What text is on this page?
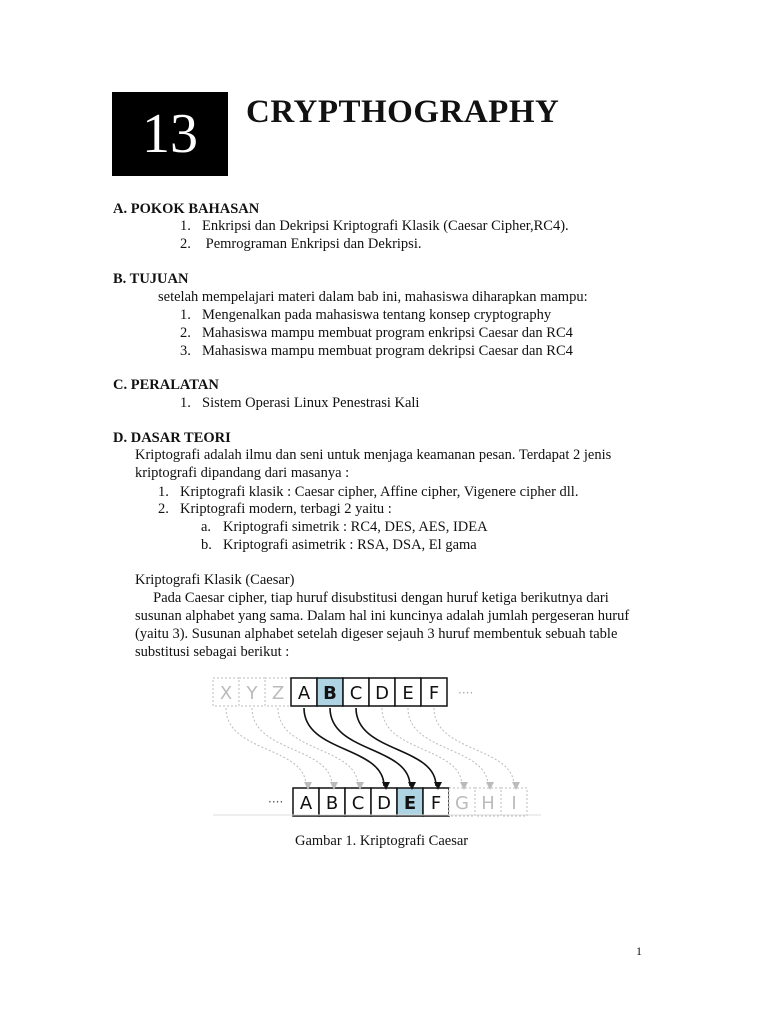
13	CRYPTHOGRAPHY
A. POKOK BAHASAN
1. Enkripsi dan Dekripsi Kriptografi Klasik (Caesar Cipher,RC4).
2. Pemrograman Enkripsi dan Dekripsi.
B. TUJUAN
setelah mempelajari materi dalam bab ini, mahasiswa diharapkan mampu:
1. Mengenalkan pada mahasiswa tentang konsep cryptography
2. Mahasiswa mampu membuat program enkripsi Caesar dan RC4
3. Mahasiswa mampu membuat program dekripsi Caesar dan RC4
C. PERALATAN
1. Sistem Operasi Linux Penestrasi Kali
D. DASAR TEORI
Kriptografi adalah ilmu dan seni untuk menjaga keamanan pesan. Terdapat 2 jenis
kriptografi dipandang dari masanya :
1. Kriptografi klasik : Caesar cipher, Affine cipher, Vigenere cipher dll.
2. Kriptografi modern, terbagi 2 yaitu :
a. Kriptografi simetrik : RC4, DES, AES, IDEA
b. Kriptografi asimetrik : RSA, DSA, El gama
Kriptografi Klasik (Caesar)
Pada Caesar cipher, tiap huruf disubstitusi dengan huruf ketiga berikutnya dari
susunan alphabet yang sama. Dalam hal ini kuncinya adalah jumlah pergeseran huruf
(yaitu 3). Susunan alphabet setelah digeser sejauh 3 huruf membentuk sebuah table
substitusi sebagai berikut :
X Y Z A B C D E F
A B C D E F G H I
····
····
Gambar 1. Kriptografi Caesar
1
